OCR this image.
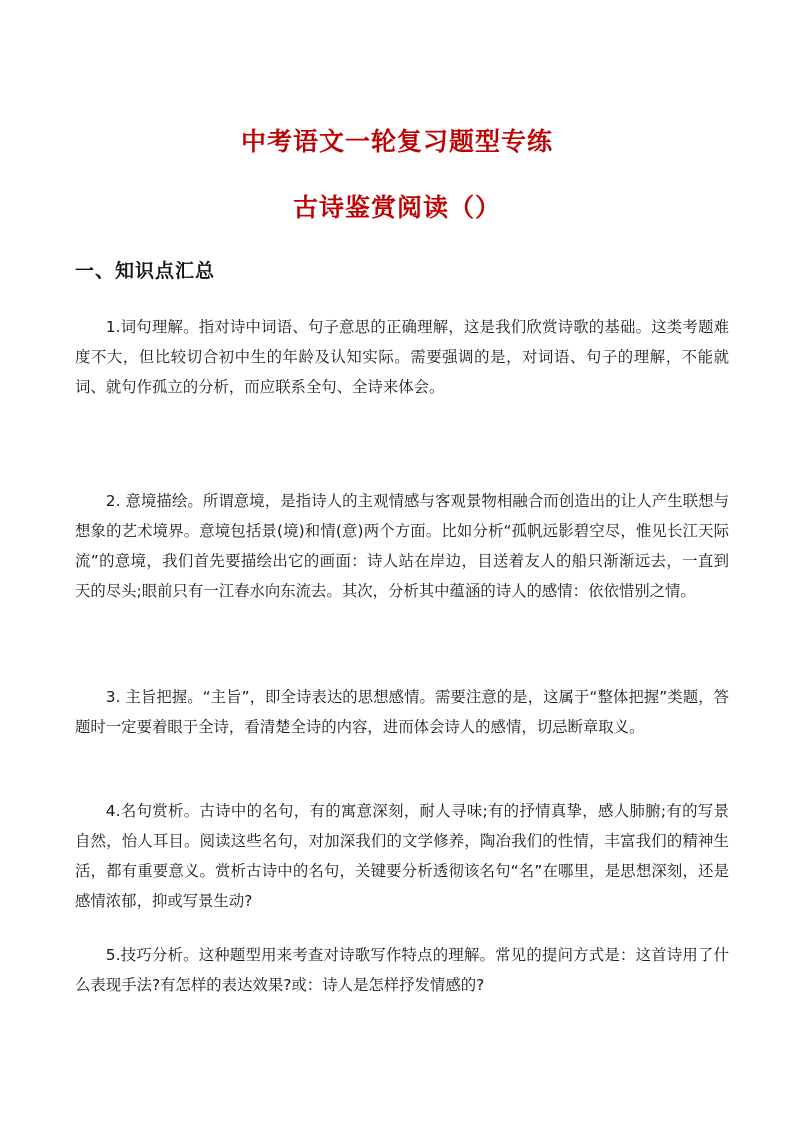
中考语文一轮复习题型专练
古诗鉴赏阅读（）
一、知识点汇总

1.词句理解。指对诗中词语、句子意思的正确理解，这是我们欣赏诗歌的基础。这类考题难度不大，但比较切合初中生的年龄及认知实际。需要强调的是，对词语、句子的理解，不能就词、就句作孤立的分析，而应联系全句、全诗来体会。

2. 意境描绘。所谓意境，是指诗人的主观情感与客观景物相融合而创造出的让人产生联想与想象的艺术境界。意境包括景(境)和情(意)两个方面。比如分析“孤帆远影碧空尽，惟见长江天际流”的意境，我们首先要描绘出它的画面：诗人站在岸边，目送着友人的船只渐渐远去，一直到天的尽头;眼前只有一江春水向东流去。其次，分析其中蕴涵的诗人的感情：依依惜别之情。

3. 主旨把握。“主旨”，即全诗表达的思想感情。需要注意的是，这属于“整体把握”类题，答题时一定要着眼于全诗，看清楚全诗的内容，进而体会诗人的感情，切忌断章取义。

4.名句赏析。古诗中的名句，有的寓意深刻，耐人寻味;有的抒情真挚，感人肺腑;有的写景自然，怡人耳目。阅读这些名句，对加深我们的文学修养，陶冶我们的性情，丰富我们的精神生活，都有重要意义。赏析古诗中的名句，关键要分析透彻该名句“名”在哪里，是思想深刻，还是感情浓郁，抑或写景生动?

5.技巧分析。这种题型用来考查对诗歌写作特点的理解。常见的提问方式是：这首诗用了什么表现手法?有怎样的表达效果?或：诗人是怎样抒发情感的?
